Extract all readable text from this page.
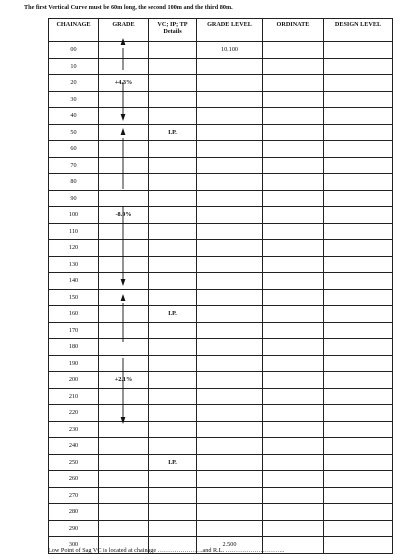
The first Vertical Curve must be 60m long, the second 100m and the third 80m.

CHAINAGE	GRADE	VC; IP; TP
Details	GRADE LEVEL	ORDINATE	DESIGN LEVEL
00			10.100		
10					
20	+4.3%				
30					
40					
50		I.P.			
60					
70					
80					
90					
100	-8.9%				
110					
120					
130					
140					
150					
160		I.P.			
170					
180					
190					
200	+2.1%				
210					
220					
230					
240					
250		I.P.			
260					
270					
280					
290					
300			2.500		

Low Point of Sag VC is located at chainage ………………….and R.L. ………………………..
